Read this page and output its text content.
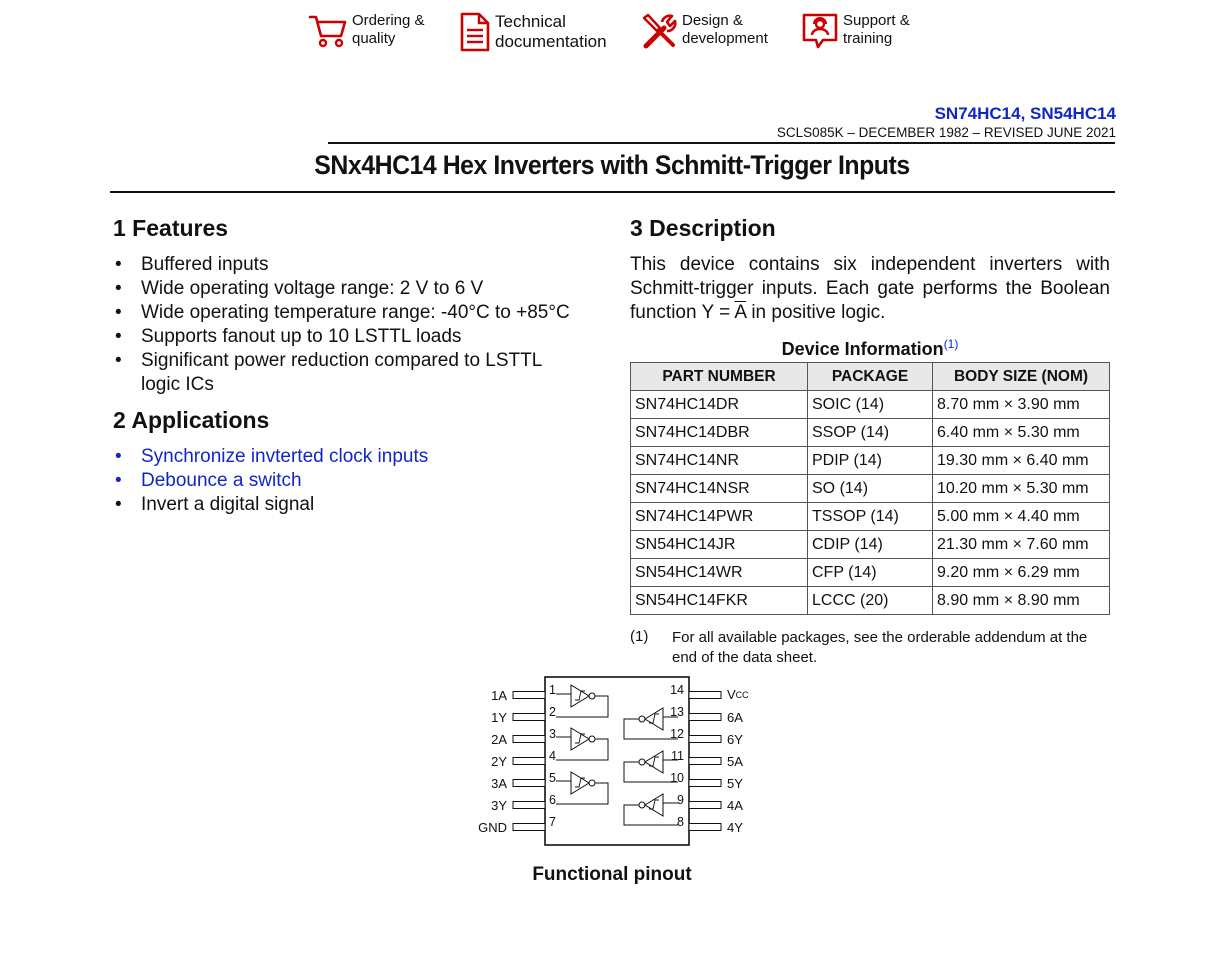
Ordering &
quality
Technical
documentation
Design &
development
Support &
training
SN74HC14, SN54HC14
SCLS085K – DECEMBER 1982 – REVISED JUNE 2021
SNx4HC14 Hex Inverters with Schmitt-Trigger Inputs
1 Features
• Buffered inputs
• Wide operating voltage range: 2 V to 6 V
• Wide operating temperature range: -40°C to +85°C
• Supports fanout up to 10 LSTTL loads
• Significant power reduction compared to LSTTL logic ICs
2 Applications
• Synchronize invterted clock inputs
• Debounce a switch
• Invert a digital signal
3 Description
This device contains six independent inverters with Schmitt-trigger inputs. Each gate performs the Boolean function $Y = \overline{A}$ in positive logic.
Device Information$^{(1)}$
PART NUMBER	PACKAGE	BODY SIZE (NOM)
SN74HC14DR	SOIC (14)	8.70 mm × 3.90 mm
SN74HC14DBR	SSOP (14)	6.40 mm × 5.30 mm
SN74HC14NR	PDIP (14)	19.30 mm × 6.40 mm
SN74HC14NSR	SO (14)	10.20 mm × 5.30 mm
SN74HC14PWR	TSSOP (14)	5.00 mm × 4.40 mm
SN54HC14JR	CDIP (14)	21.30 mm × 7.60 mm
SN54HC14WR	CFP (14)	9.20 mm × 6.29 mm
SN54HC14FKR	LCCC (20)	8.90 mm × 8.90 mm
(1) For all available packages, see the orderable addendum at the end of the data sheet.
1A	1
1Y	2
2A	3
2Y	4
3A	5
3Y	6
GND	7
14
13
12
11
10
9
8
6A
6Y
5A
5Y
4A
4Y
VCC
Functional pinout
